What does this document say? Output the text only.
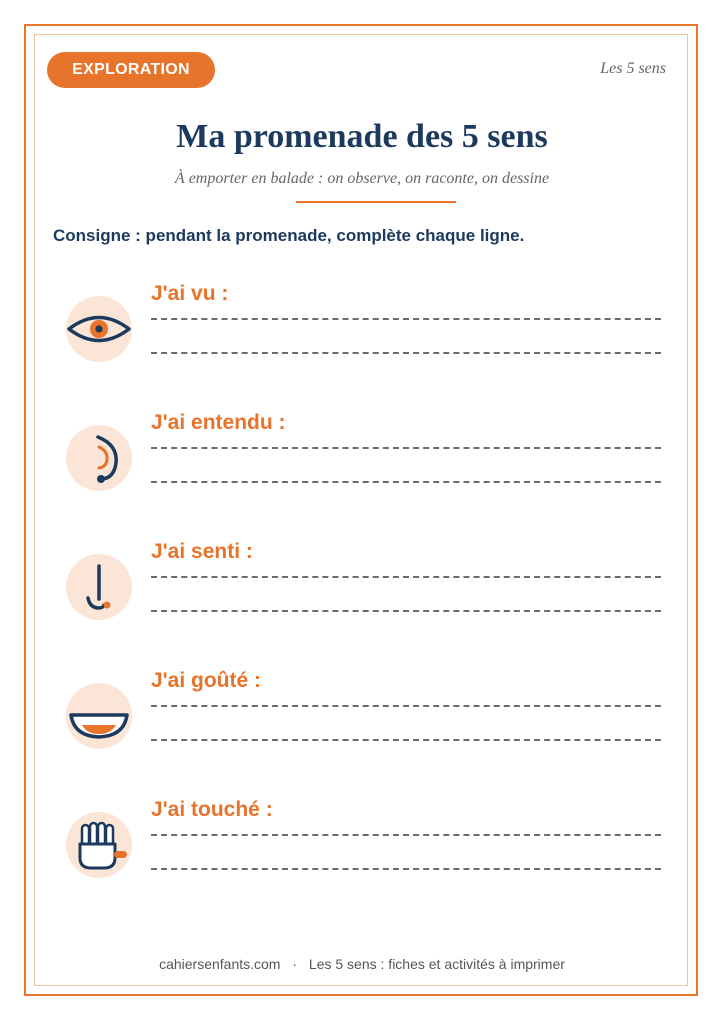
EXPLORATION	Les 5 sens
Ma promenade des 5 sens
À emporter en balade : on observe, on raconte, on dessine
Consigne : pendant la promenade, complète chaque ligne.
J'ai vu :
J'ai entendu :
J'ai senti :
J'ai goûté :
J'ai touché :
cahiersenfants.com · Les 5 sens : fiches et activités à imprimer
